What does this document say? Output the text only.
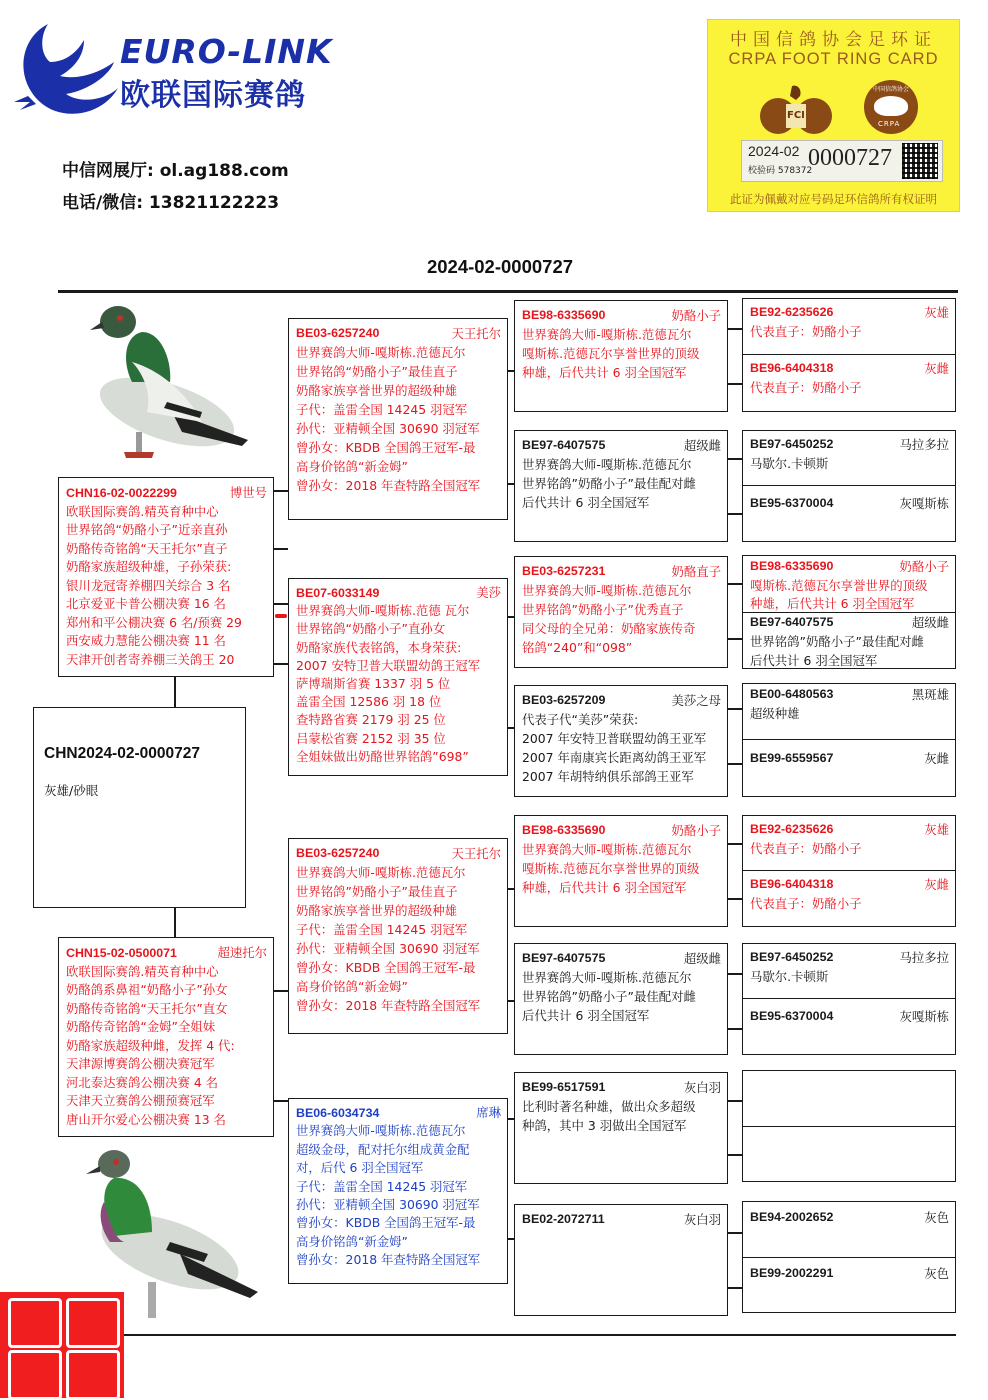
EURO-LINK
欧联国际赛鸽
中信网展厅: ol.ag188.com
电话/微信: 13821122223
中国信鸽协会足环证
CRPA FOOT RING CARD
FCI
中国信鸽协会
CRPA
2024-02
校验码 578372
0000727
此证为佩戴对应号码足环信鸽所有权证明
2024-02-0000727
CHN2024-02-0000727
灰雄/砂眼
CHN16-02-0022299	博世号
欧联国际赛鸽.精英育种中心
世界铭鸽“奶酪小子”近亲直孙
奶酪传奇铭鸽“天王托尔”直子
奶酪家族超级种雄，子孙荣获:
银川龙冠寄养棚四关综合 3 名
北京爱亚卡普公棚决赛 16 名
郑州和平公棚决赛 6 名/预赛 29
西安威力慧能公棚决赛 11 名
天津开创者寄养棚三关鸽王 20
CHN15-02-0500071	超速托尔
欧联国际赛鸽.精英育种中心
奶酪鸽系鼻祖“奶酪小子”孙女
奶酪传奇铭鸽“天王托尔”直女
奶酪传奇铭鸽“金姆”全姐妹
奶酪家族超级种雌，发挥 4 代:
天津源博赛鸽公棚决赛冠军
河北泰达赛鸽公棚决赛 4 名
天津天立赛鸽公棚预赛冠军
唐山开尔爱心公棚决赛 13 名
BE03-6257240	天王托尔
世界赛鸽大师-嘎斯栋.范德瓦尔
世界铭鸽“奶酪小子”最佳直子
奶酪家族享誉世界的超级种雄
子代：盖雷全国 14245 羽冠军
孙代：亚精顿全国 30690 羽冠军
曾孙女：KBDB 全国鸽王冠军-最
高身价铭鸽“新金姆”
曾孙女：2018 年查特路全国冠军
BE07-6033149	美莎
世界赛鸽大师-嘎斯栋.范德 瓦尔
世界铭鸽“奶酪小子”直孙女
奶酪家族代表铭鸽，本身荣获:
2007 安特卫普大联盟幼鸽王冠军
萨博瑞斯省赛 1337 羽 5 位
盖雷全国 12586 羽 18 位
查特路省赛 2179 羽 25 位
吕蒙松省赛 2152 羽 35 位
全姐妹做出奶酪世界铭鸽”698”
BE03-6257240	天王托尔
世界赛鸽大师-嘎斯栋.范德瓦尔
世界铭鸽”奶酪小子”最佳直子
奶酪家族享誉世界的超级种雄
子代：盖雷全国 14245 羽冠军
孙代：亚精顿全国 30690 羽冠军
曾孙女：KBDB 全国鸽王冠军-最
高身价铭鸽“新金姆”
曾孙女：2018 年查特路全国冠军
BE06-6034734	席琳
世界赛鸽大师-嘎斯栋.范德瓦尔
超级金母，配对托尔组成黄金配
对，后代 6 羽全国冠军
子代：盖雷全国 14245 羽冠军
孙代：亚精顿全国 30690 羽冠军
曾孙女：KBDB 全国鸽王冠军-最
高身价铭鸽“新金姆”
曾孙女：2018 年查特路全国冠军
BE98-6335690	奶酪小子
世界赛鸽大师-嘎斯栋.范德瓦尔
嘎斯栋.范德瓦尔享誉世界的顶级
种雄，后代共计 6 羽全国冠军
BE97-6407575	超级雌
世界赛鸽大师-嘎斯栋.范德瓦尔
世界铭鸽”奶酪小子”最佳配对雌
后代共计 6 羽全国冠军
BE03-6257231	奶酪直子
世界赛鸽大师-嘎斯栋.范德瓦尔
世界铭鸽”奶酪小子”优秀直子
同父母的全兄弟：奶酪家族传奇
铭鸽“240”和“098”
BE03-6257209	美莎之母
代表子代“美莎”荣获:
2007 年安特卫普联盟幼鸽王亚军
2007 年南康宾长距离幼鸽王亚军
2007 年胡特纳俱乐部鸽王亚军
BE98-6335690	奶酪小子
世界赛鸽大师-嘎斯栋.范德瓦尔
嘎斯栋.范德瓦尔享誉世界的顶级
种雄，后代共计 6 羽全国冠军
BE97-6407575	超级雌
世界赛鸽大师-嘎斯栋.范德瓦尔
世界铭鸽”奶酪小子”最佳配对雌
后代共计 6 羽全国冠军
BE99-6517591	灰白羽
比利时著名种雄，做出众多超级
种鸽，其中 3 羽做出全国冠军
BE02-2072711	灰白羽
BE92-6235626	灰雄
代表直子：奶酪小子
BE96-6404318	灰雌
代表直子：奶酪小子
BE97-6450252	马拉多拉
马歇尔.卡顿斯
BE95-6370004	灰嘎斯栋
BE98-6335690	奶酪小子
嘎斯栋.范德瓦尔享誉世界的顶级
种雄，后代共计 6 羽全国冠军
BE97-6407575	超级雌
世界铭鸽”奶酪小子”最佳配对雌
后代共计 6 羽全国冠军
BE00-6480563	黑斑雄
超级种雄
BE99-6559567	灰雌
BE92-6235626	灰雄
代表直子：奶酪小子
BE96-6404318	灰雌
代表直子：奶酪小子
BE97-6450252	马拉多拉
马歇尔.卡顿斯
BE95-6370004	灰嘎斯栋
BE94-2002652	灰色
BE99-2002291	灰色
